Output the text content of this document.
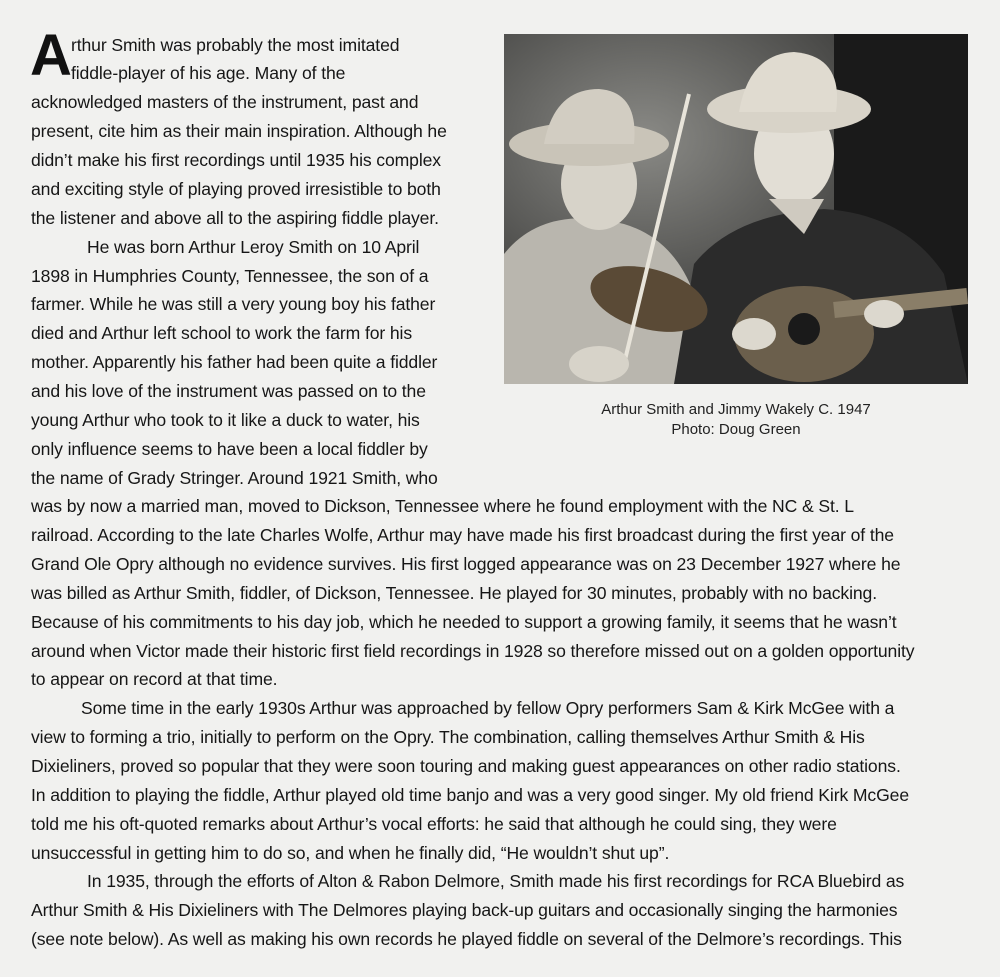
A rthur Smith was probably the most imitated
fiddle-player of his age. Many of the
acknowledged masters of the instrument, past and
present, cite him as their main inspiration. Although he
didn’t make his first recordings until 1935 his complex
and exciting style of playing proved irresistible to both
the listener and above all to the aspiring fiddle player.
He was born Arthur Leroy Smith on 10 April
1898 in Humphries County, Tennessee, the son of a
farmer. While he was still a very young boy his father
died and Arthur left school to work the farm for his
mother. Apparently his father had been quite a fiddler
and his love of the instrument was passed on to the
young Arthur who took to it like a duck to water, his
only influence seems to have been a local fiddler by
the name of Grady Stringer. Around 1921 Smith, who
was by now a married man, moved to Dickson, Tennessee where he found employment with the NC & St. L
railroad. According to the late Charles Wolfe, Arthur may have made his first broadcast during the first year of the
Grand Ole Opry although no evidence survives. His first logged appearance was on 23 December 1927 where he
was billed as Arthur Smith, fiddler, of Dickson, Tennessee. He played for 30 minutes, probably with no backing.
Because of his commitments to his day job, which he needed to support a growing family, it seems that he wasn’t
around when Victor made their historic first field recordings in 1928 so therefore missed out on a golden opportunity
to appear on record at that time.
Some time in the early 1930s Arthur was approached by fellow Opry performers Sam & Kirk McGee with a
view to forming a trio, initially to perform on the Opry. The combination, calling themselves Arthur Smith & His
Dixieliners, proved so popular that they were soon touring and making guest appearances on other radio stations.
In addition to playing the fiddle, Arthur played old time banjo and was a very good singer. My old friend Kirk McGee
told me his oft-quoted remarks about Arthur’s vocal efforts: he said that although he could sing, they were
unsuccessful in getting him to do so, and when he finally did, “He wouldn’t shut up”.
In 1935, through the efforts of Alton & Rabon Delmore, Smith made his first recordings for RCA Bluebird as
Arthur Smith & His Dixieliners with The Delmores playing back-up guitars and occasionally singing the harmonies
(see note below). As well as making his own records he played fiddle on several of the Delmore’s recordings. This
Arthur Smith and Jimmy Wakely C. 1947
Photo: Doug Green
